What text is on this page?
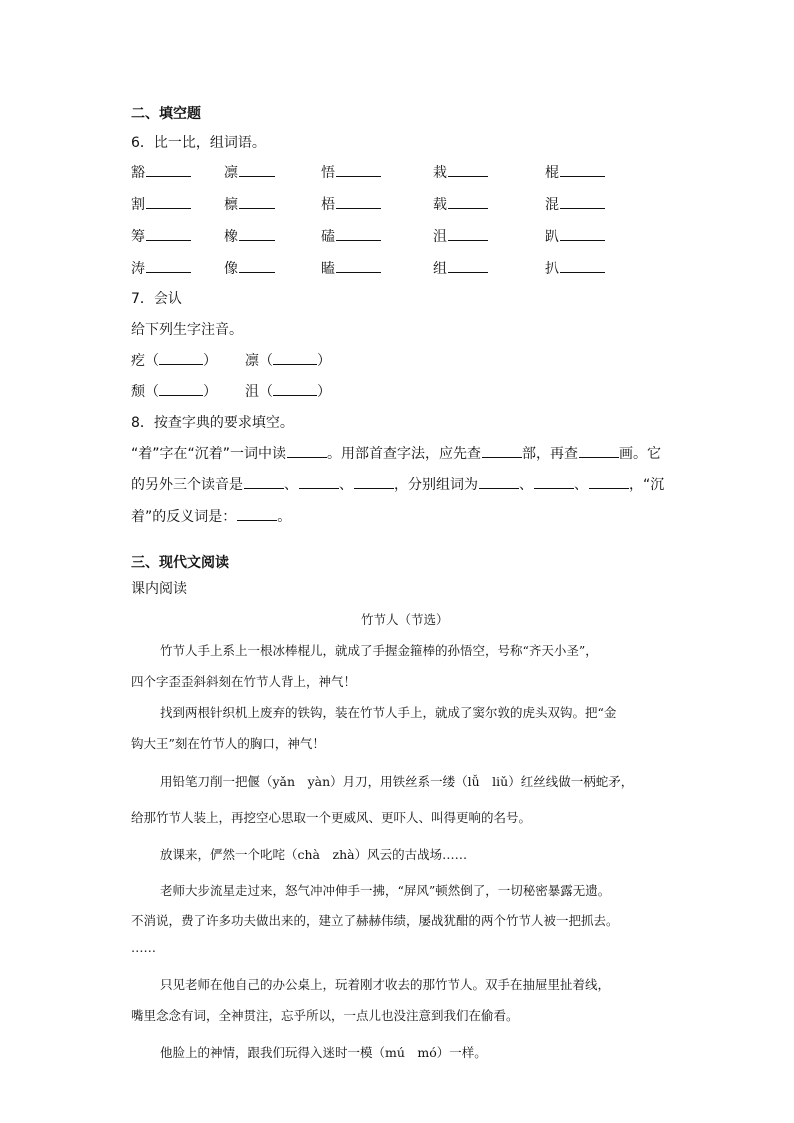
二、填空题
6．比一比，组词语。
豁	凛	悟	栽	棍
割	檩	梧	载	混
筹	橡	磕	沮	趴
涛	像	瞌	组	扒
7．会认
给下列生字注音。
疙（	） 凛（	）
颓（	） 沮（	）
8．按查字典的要求填空。
“着”字在“沉着”一词中读	。用部首查字法，应先查	部，再查	画。它
的另外三个读音是	、	、	，分别组词为	、	、	，“沉
着”的反义词是：	。
三、现代文阅读
课内阅读
竹节人（节选）
竹节人手上系上一根冰棒棍儿，就成了手握金箍棒的孙悟空，号称“齐天小圣”，
四个字歪歪斜斜刻在竹节人背上，神气！
找到两根针织机上废弃的铁钩，装在竹节人手上，就成了窦尔敦的虎头双钩。把“金
钩大王”刻在竹节人的胸口，神气！
用铅笔刀削一把偃（yǎn　yàn）月刀，用铁丝系一缕（lǚ　liǔ）红丝线做一柄蛇矛，
给那竹节人装上，再挖空心思取一个更威风、更吓人、叫得更响的名号。
放课来，俨然一个叱咤（chà　zhà）风云的古战场……
老师大步流星走过来，怒气冲冲伸手一拂，“屏风”顿然倒了，一切秘密暴露无遗。
不消说，费了许多功夫做出来的，建立了赫赫伟绩，屡战犹酣的两个竹节人被一把抓去。
……
只见老师在他自己的办公桌上，玩着刚才收去的那竹节人。双手在抽屉里扯着线，
嘴里念念有词，全神贯注，忘乎所以，一点儿也没注意到我们在偷看。
他脸上的神情，跟我们玩得入迷时一模（mú　mó）一样。
